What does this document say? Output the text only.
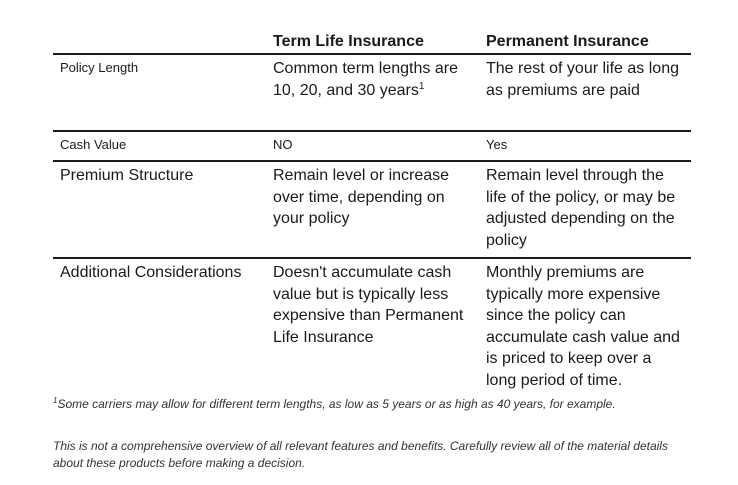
	Term Life Insurance	Permanent Insurance
Policy Length	Common term lengths are 10, 20, and 30 years$^1$	The rest of your life as long as premiums are paid
Cash Value	NO	Yes
Premium Structure	Remain level or increase over time, depending on your policy	Remain level through the life of the policy, or may be adjusted depending on the policy
Additional Considerations	Doesn't accumulate cash value but is typically less expensive than Permanent Life Insurance	Monthly premiums are typically more expensive since the policy can accumulate cash value and is priced to keep over a long period of time.
$^1$Some carriers may allow for different term lengths, as low as 5 years or as high as 40 years, for example.
This is not a comprehensive overview of all relevant features and benefits. Carefully review all of the material details about these products before making a decision.
